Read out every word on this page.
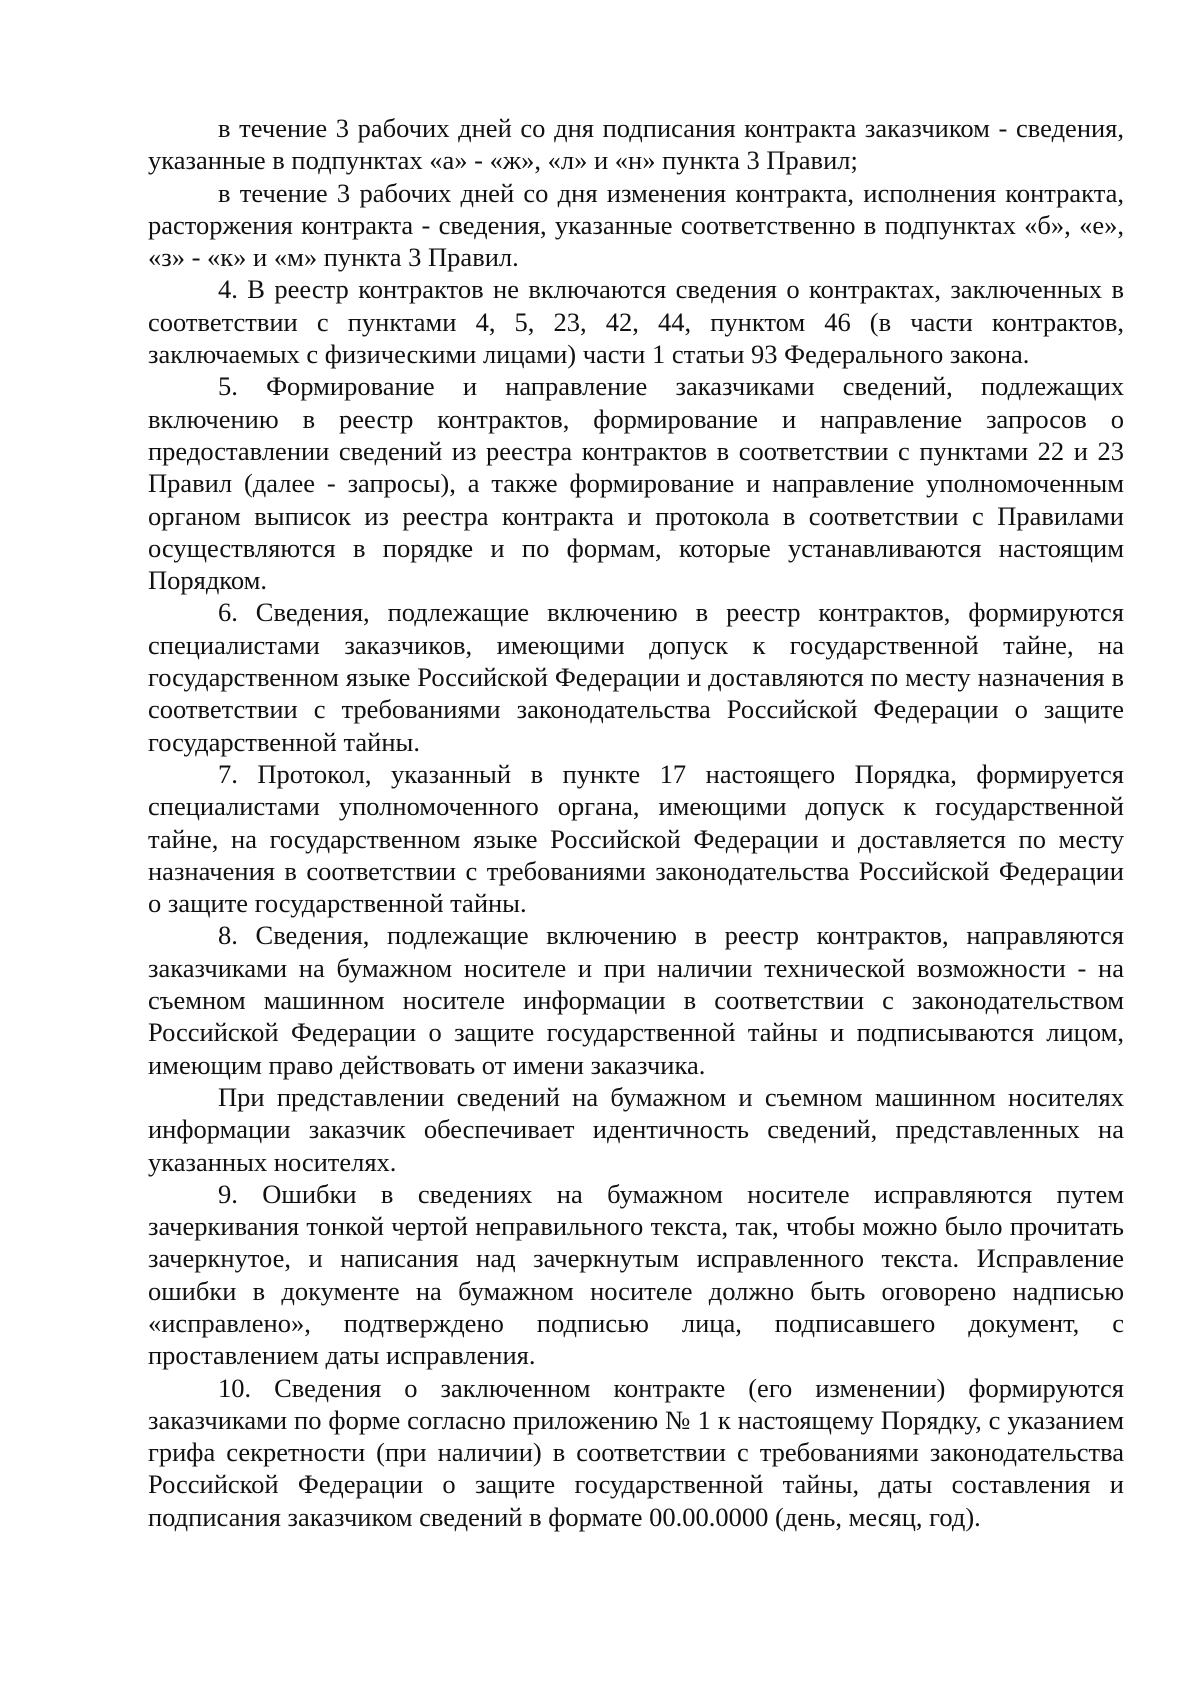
в течение 3 рабочих дней со дня подписания контракта заказчиком - сведения, указанные в подпунктах «а» - «ж», «л» и «н» пункта 3 Правил;

в течение 3 рабочих дней со дня изменения контракта, исполнения контракта, расторжения контракта - сведения, указанные соответственно в подпунктах «б», «е», «з» - «к» и «м» пункта 3 Правил.

4. В реестр контрактов не включаются сведения о контрактах, заключенных в соответствии с пунктами 4, 5, 23, 42, 44, пунктом 46 (в части контрактов, заключаемых с физическими лицами) части 1 статьи 93 Федерального закона.

5. Формирование и направление заказчиками сведений, подлежащих включению в реестр контрактов, формирование и направление запросов о предоставлении сведений из реестра контрактов в соответствии с пунктами 22 и 23 Правил (далее - запросы), а также формирование и направление уполномоченным органом выписок из реестра контракта и протокола в соответствии с Правилами осуществляются в порядке и по формам, которые устанавливаются настоящим Порядком.

6. Сведения, подлежащие включению в реестр контрактов, формируются специалистами заказчиков, имеющими допуск к государственной тайне, на государственном языке Российской Федерации и доставляются по месту назначения в соответствии с требованиями законодательства Российской Федерации о защите государственной тайны.

7. Протокол, указанный в пункте 17 настоящего Порядка, формируется специалистами уполномоченного органа, имеющими допуск к государственной тайне, на государственном языке Российской Федерации и доставляется по месту назначения в соответствии с требованиями законодательства Российской Федерации о защите государственной тайны.

8. Сведения, подлежащие включению в реестр контрактов, направляются заказчиками на бумажном носителе и при наличии технической возможности - на съемном машинном носителе информации в соответствии с законодательством Российской Федерации о защите государственной тайны и подписываются лицом, имеющим право действовать от имени заказчика.

При представлении сведений на бумажном и съемном машинном носителях информации заказчик обеспечивает идентичность сведений, представленных на указанных носителях.

9. Ошибки в сведениях на бумажном носителе исправляются путем зачеркивания тонкой чертой неправильного текста, так, чтобы можно было прочитать зачеркнутое, и написания над зачеркнутым исправленного текста. Исправление ошибки в документе на бумажном носителе должно быть оговорено надписью «исправлено», подтверждено подписью лица, подписавшего документ, с проставлением даты исправления.

10. Сведения о заключенном контракте (его изменении) формируются заказчиками по форме согласно приложению № 1 к настоящему Порядку, с указанием грифа секретности (при наличии) в соответствии с требованиями законодательства Российской Федерации о защите государственной тайны, даты составления и подписания заказчиком сведений в формате 00.00.0000 (день, месяц, год).
